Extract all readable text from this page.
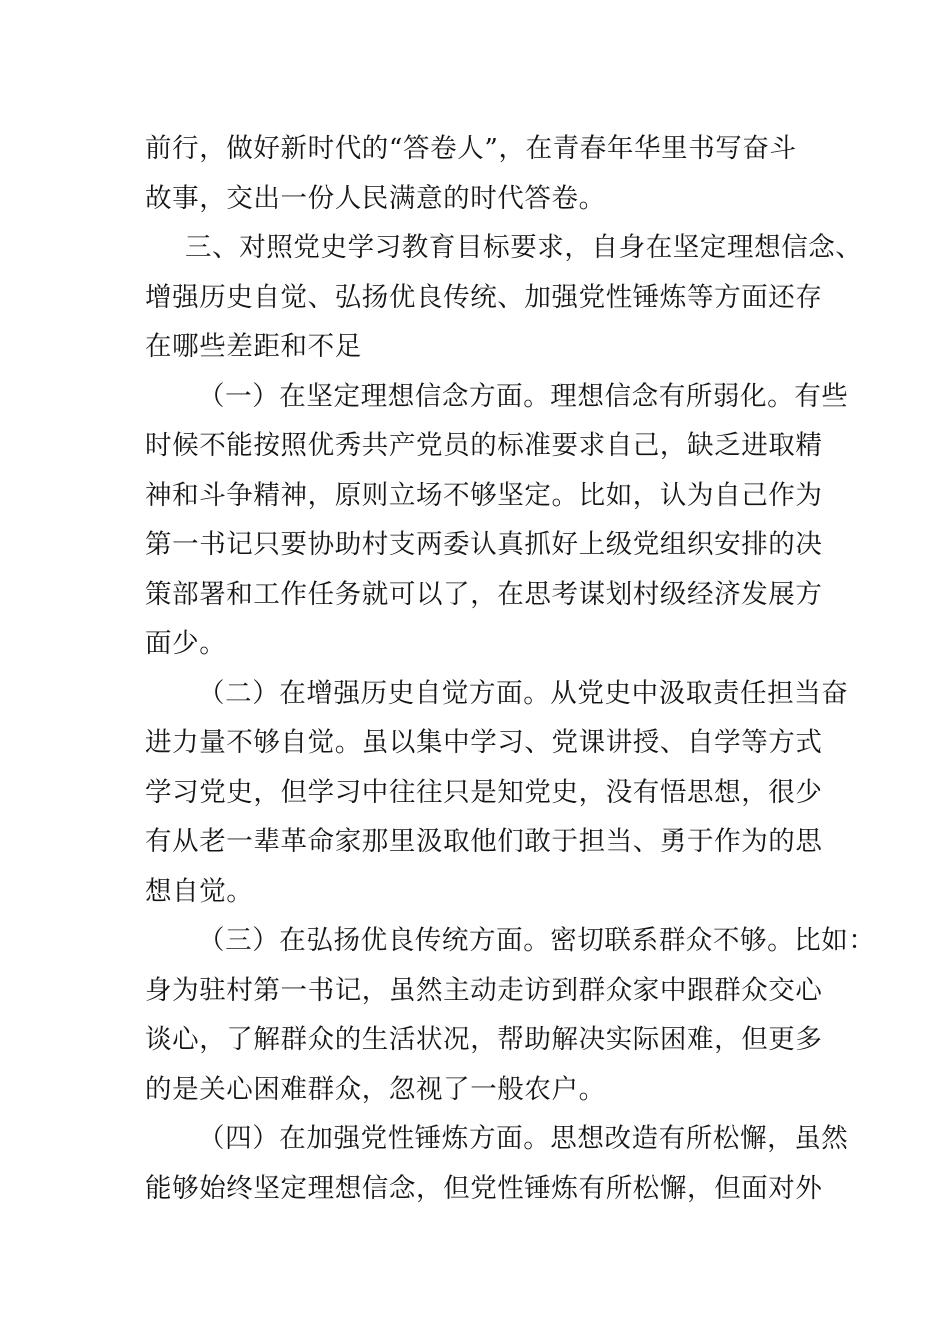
前行，做好新时代的“答卷人”，在青春年华里书写奋斗
故事，交出一份人民满意的时代答卷。
三、对照党史学习教育目标要求，自身在坚定理想信念、
增强历史自觉、弘扬优良传统、加强党性锤炼等方面还存
在哪些差距和不足
（一）在坚定理想信念方面。理想信念有所弱化。有些
时候不能按照优秀共产党员的标准要求自己，缺乏进取精
神和斗争精神，原则立场不够坚定。比如，认为自己作为
第一书记只要协助村支两委认真抓好上级党组织安排的决
策部署和工作任务就可以了，在思考谋划村级经济发展方
面少。
（二）在增强历史自觉方面。从党史中汲取责任担当奋
进力量不够自觉。虽以集中学习、党课讲授、自学等方式
学习党史，但学习中往往只是知党史，没有悟思想，很少
有从老一辈革命家那里汲取他们敢于担当、勇于作为的思
想自觉。
（三）在弘扬优良传统方面。密切联系群众不够。比如：
身为驻村第一书记，虽然主动走访到群众家中跟群众交心
谈心，了解群众的生活状况，帮助解决实际困难，但更多
的是关心困难群众，忽视了一般农户。
（四）在加强党性锤炼方面。思想改造有所松懈，虽然
能够始终坚定理想信念，但党性锤炼有所松懈，但面对外
